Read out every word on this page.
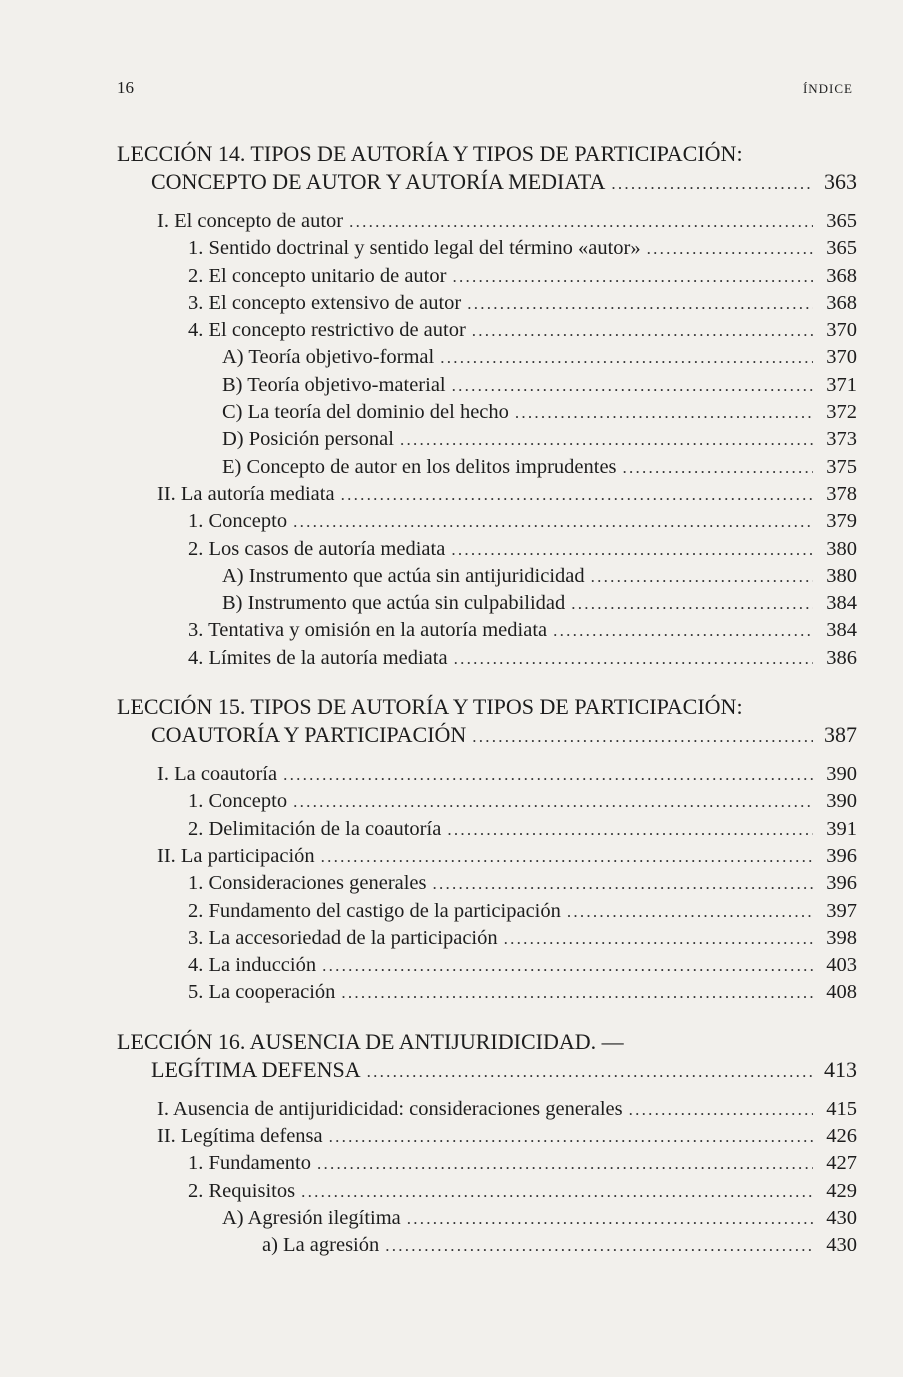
16	ÍNDICE
LECCIÓN 14. TIPOS DE AUTORÍA Y TIPOS DE PARTICIPACIÓN:
CONCEPTO DE AUTOR Y AUTORÍA MEDIATA . . .	363
I. El concepto de autor . . .	365
1. Sentido doctrinal y sentido legal del término «autor» . . .	365
2. El concepto unitario de autor . . .	368
3. El concepto extensivo de autor . . .	368
4. El concepto restrictivo de autor . . .	370
A) Teoría objetivo-formal . . .	370
B) Teoría objetivo-material . . .	371
C) La teoría del dominio del hecho . . .	372
D) Posición personal . . .	373
E) Concepto de autor en los delitos imprudentes . . .	375
II. La autoría mediata . . .	378
1. Concepto . . .	379
2. Los casos de autoría mediata . . .	380
A) Instrumento que actúa sin antijuridicidad . . .	380
B) Instrumento que actúa sin culpabilidad . . .	384
3. Tentativa y omisión en la autoría mediata . . .	384
4. Límites de la autoría mediata . . .	386
LECCIÓN 15. TIPOS DE AUTORÍA Y TIPOS DE PARTICIPACIÓN:
COAUTORÍA Y PARTICIPACIÓN . . .	387
I. La coautoría . . .	390
1. Concepto . . .	390
2. Delimitación de la coautoría . . .	391
II. La participación . . .	396
1. Consideraciones generales . . .	396
2. Fundamento del castigo de la participación . . .	397
3. La accesoriedad de la participación . . .	398
4. La inducción . . .	403
5. La cooperación . . .	408
LECCIÓN 16. AUSENCIA DE ANTIJURIDICIDAD. —
LEGÍTIMA DEFENSA . . .	413
I. Ausencia de antijuridicidad: consideraciones generales . . .	415
II. Legítima defensa . . .	426
1. Fundamento . . .	427
2. Requisitos . . .	429
A) Agresión ilegítima . . .	430
a) La agresión . . .	430
